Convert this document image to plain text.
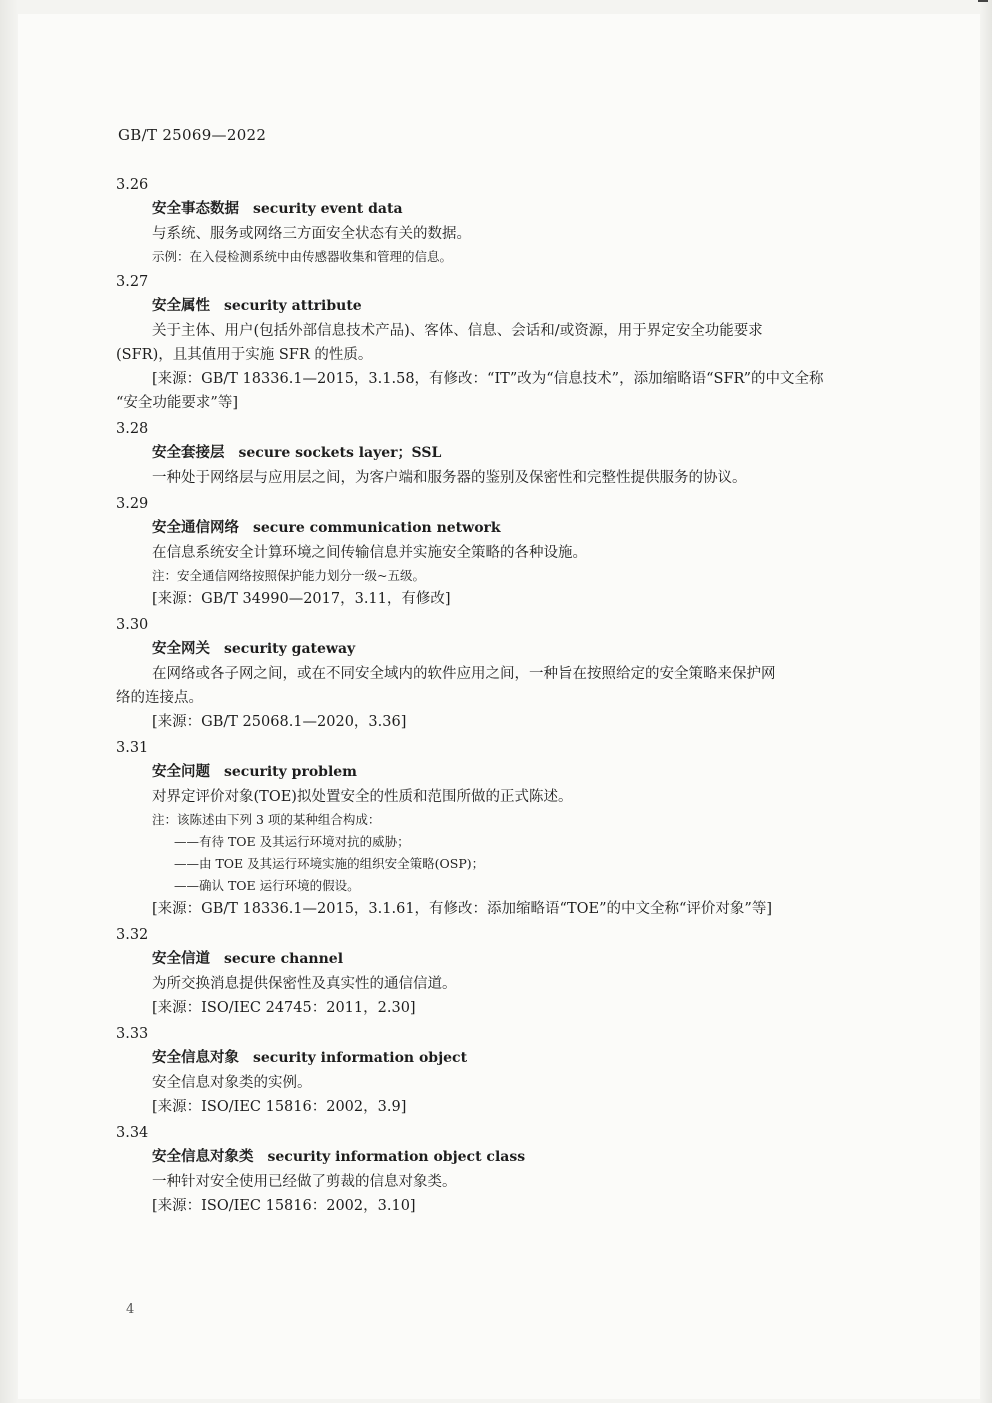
GB/T 25069—2022
3.26
安全事态数据 security event data
与系统、服务或网络三方面安全状态有关的数据。
示例：在入侵检测系统中由传感器收集和管理的信息。
3.27
安全属性 security attribute
关于主体、用户(包括外部信息技术产品)、客体、信息、会话和/或资源，用于界定安全功能要求
(SFR)，且其值用于实施 SFR 的性质。
[来源：GB/T 18336.1—2015，3.1.58，有修改：“IT”改为“信息技术”，添加缩略语“SFR”的中文全称
“安全功能要求”等]
3.28
安全套接层 secure sockets layer；SSL
一种处于网络层与应用层之间，为客户端和服务器的鉴别及保密性和完整性提供服务的协议。
3.29
安全通信网络 secure communication network
在信息系统安全计算环境之间传输信息并实施安全策略的各种设施。
注：安全通信网络按照保护能力划分一级~五级。
[来源：GB/T 34990—2017，3.11，有修改]
3.30
安全网关 security gateway
在网络或各子网之间，或在不同安全域内的软件应用之间，一种旨在按照给定的安全策略来保护网
络的连接点。
[来源：GB/T 25068.1—2020，3.36]
3.31
安全问题 security problem
对界定评价对象(TOE)拟处置安全的性质和范围所做的正式陈述。
注：该陈述由下列 3 项的某种组合构成：
——有待 TOE 及其运行环境对抗的威胁；
——由 TOE 及其运行环境实施的组织安全策略(OSP)；
——确认 TOE 运行环境的假设。
[来源：GB/T 18336.1—2015，3.1.61，有修改：添加缩略语“TOE”的中文全称“评价对象”等]
3.32
安全信道 secure channel
为所交换消息提供保密性及真实性的通信信道。
[来源：ISO/IEC 24745：2011，2.30]
3.33
安全信息对象 security information object
安全信息对象类的实例。
[来源：ISO/IEC 15816：2002，3.9]
3.34
安全信息对象类 security information object class
一种针对安全使用已经做了剪裁的信息对象类。
[来源：ISO/IEC 15816：2002，3.10]
4
